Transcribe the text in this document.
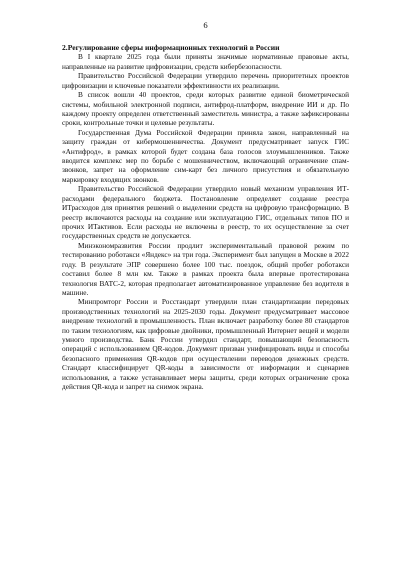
6

2.Регулирование сферы информационных технологий в России

В I квартале 2025 года были приняты значимые нормативные правовые акты, направленные на развитие цифровизации, средств кибербезопасности.

Правительство Российской Федерации утвердило перечень приоритетных проектов цифровизации и ключевые показатели эффективности их реализации.

В список вошли 40 проектов, среди которых развитие единой биометрической системы, мобильной электронной подписи, антифрод-платформ, внедрение ИИ и др. По каждому проекту определен ответственный заместитель министра, а также зафиксированы сроки, контрольные точки и целевые результаты.

Государственная Дума Российской Федерации приняла закон, направленный на защиту граждан от кибермошенничества. Документ предусматривает запуск ГИС «Антифрод», в рамках которой будет создана база голосов злоумышленников. Также вводится комплекс мер по борьбе с мошенничеством, включающий ограничение спам-звонков, запрет на оформление сим-карт без личного присутствия и обязательную маркировку входящих звонков.

Правительство Российской Федерации утвердило новый механизм управления ИТ-расходами федерального бюджета. Постановление определяет создание реестра ИТрасходов для принятия решений о выделении средств на цифровую трансформацию. В реестр включаются расходы на создание или эксплуатацию ГИС, отдельных типов ПО и прочих ИТактивов. Если расходы не включены в реестр, то их осуществление за счет государственных средств не допускается.

Минэкономразвития России продлит экспериментальный правовой режим по тестированию роботакси «Яндекс» на три года. Эксперимент был запущен в Москве в 2022 году. В результате ЭПР совершено более 100 тыс. поездок, общий пробег роботакси составил более 8 млн км. Также в рамках проекта была впервые протестирована технология ВАТС-2, которая предполагает автоматизированное управление без водителя в машине.

Минпромторг России и Росстандарт утвердили план стандартизации передовых производственных технологий на 2025-2030 годы. Документ предусматривает массовое внедрение технологий в промышленность. План включает разработку более 80 стандартов по таким технологиям, как цифровые двойники, промышленный Интернет вещей и модели умного производства. Банк России утвердил стандарт, повышающий безопасность операций с использованием QR-кодов. Документ призван унифицировать виды и способы безопасного применения QR-кодов при осуществлении переводов денежных средств. Стандарт классифицирует QR-коды в зависимости от информации и сценариев использования, а также устанавливает меры защиты, среди которых ограничение срока действия QR-кода и запрет на снимок экрана.
